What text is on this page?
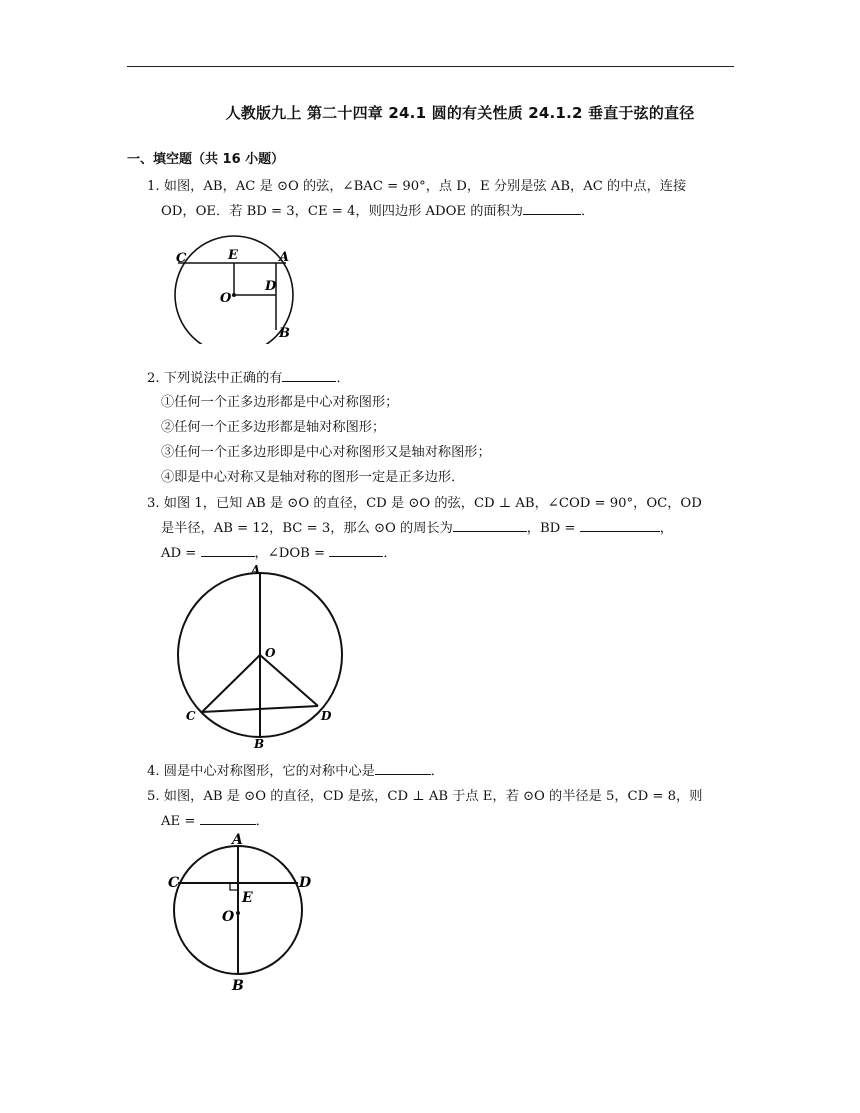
人教版九上 第二十四章 24.1 圆的有关性质 24.1.2 垂直于弦的直径
一、填空题（共 16 小题）
1. 如图，AB，AC 是 ⊙O 的弦，∠BAC = 90°，点 D，E 分别是弦 AB，AC 的中点，连接
OD，OE．若 BD = 3，CE = 4，则四边形 ADOE 的面积为	．
C	E	A
O
D
B
2. 下列说法中正确的有	．
①任何一个正多边形都是中心对称图形；
②任何一个正多边形都是轴对称图形；
③任何一个正多边形即是中心对称图形又是轴对称图形；
④即是中心对称又是轴对称的图形一定是正多边形．
3. 如图 1，已知 AB 是 ⊙O 的直径，CD 是 ⊙O 的弦，CD ⊥ AB，∠COD = 90°，OC，OD
是半径，AB = 12，BC = 3，那么 ⊙O 的周长为	，BD =	，
AD =	，∠DOB =	．
A
O
C	D
B
4. 圆是中心对称图形，它的对称中心是	．
5. 如图，AB 是 ⊙O 的直径，CD 是弦，CD ⊥ AB 于点 E，若 ⊙O 的半径是 5，CD = 8，则
AE =	．
A
C
E
D
O
B
